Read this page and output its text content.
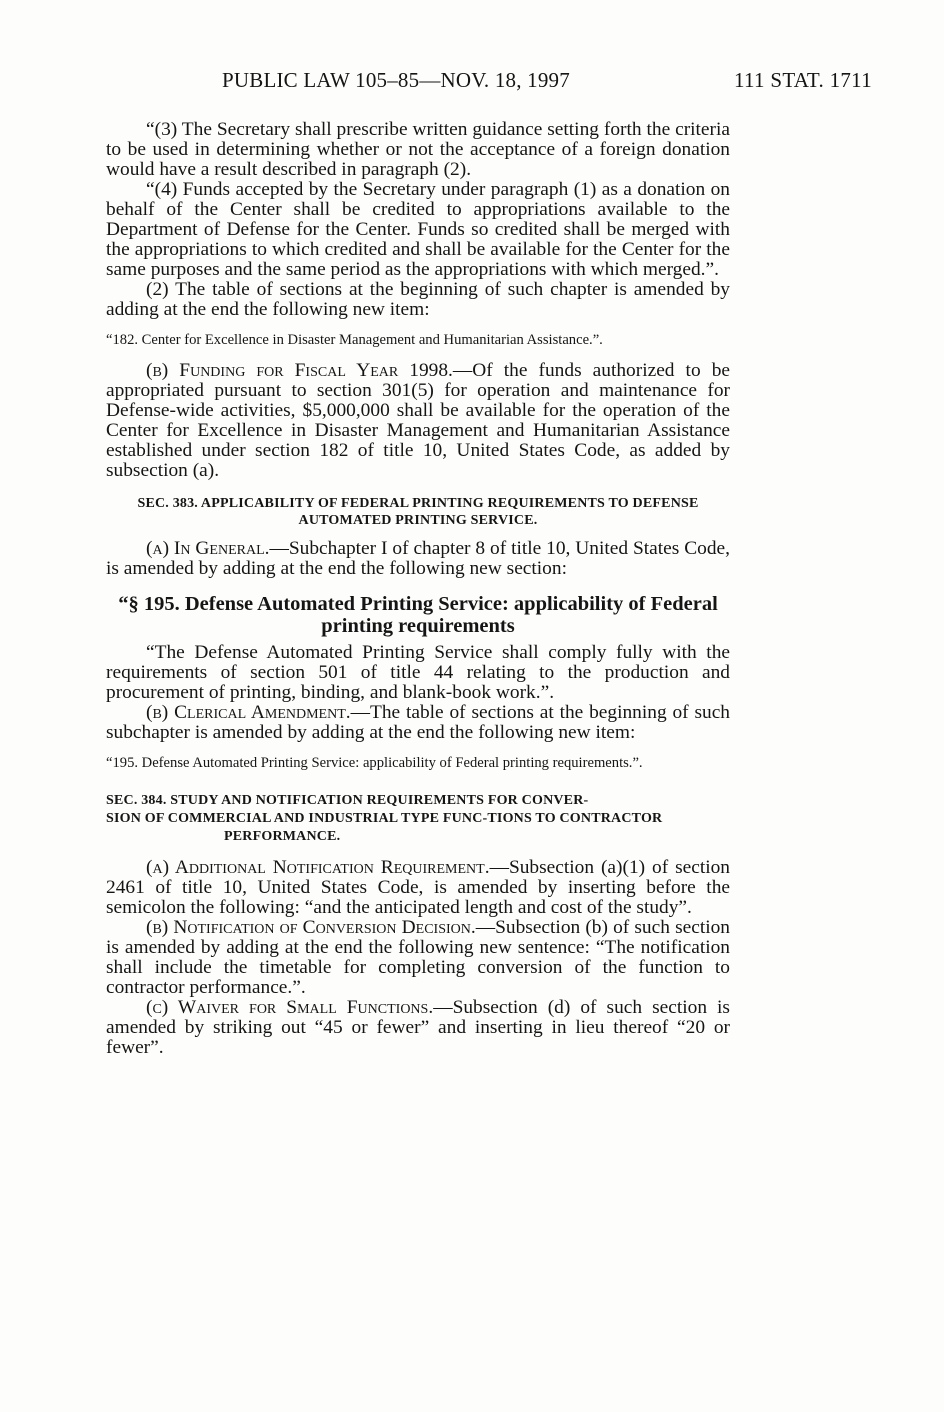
PUBLIC LAW 105–85—NOV. 18, 1997	111 STAT. 1711

“(3) The Secretary shall prescribe written guidance setting forth the criteria to be used in determining whether or not the acceptance of a foreign donation would have a result described in paragraph (2).

“(4) Funds accepted by the Secretary under paragraph (1) as a donation on behalf of the Center shall be credited to appropriations available to the Department of Defense for the Center. Funds so credited shall be merged with the appropriations to which credited and shall be available for the Center for the same purposes and the same period as the appropriations with which merged.”.

(2) The table of sections at the beginning of such chapter is amended by adding at the end the following new item:

“182. Center for Excellence in Disaster Management and Humanitarian Assistance.”.

(b) Funding for Fiscal Year 1998.—Of the funds authorized to be appropriated pursuant to section 301(5) for operation and maintenance for Defense-wide activities, $5,000,000 shall be available for the operation of the Center for Excellence in Disaster Management and Humanitarian Assistance established under section 182 of title 10, United States Code, as added by subsection (a).

SEC. 383. APPLICABILITY OF FEDERAL PRINTING REQUIREMENTS TO DEFENSE AUTOMATED PRINTING SERVICE.

(a) In General.—Subchapter I of chapter 8 of title 10, United States Code, is amended by adding at the end the following new section:

“§ 195. Defense Automated Printing Service: applicability of Federal printing requirements

“The Defense Automated Printing Service shall comply fully with the requirements of section 501 of title 44 relating to the production and procurement of printing, binding, and blank-book work.”.

(b) Clerical Amendment.—The table of sections at the beginning of such subchapter is amended by adding at the end the following new item:

“195. Defense Automated Printing Service: applicability of Federal printing requirements.”.
SEC. 384. STUDY AND NOTIFICATION REQUIREMENTS FOR CONVER-
SION OF COMMERCIAL AND INDUSTRIAL TYPE FUNC-TIONS TO CONTRACTOR PERFORMANCE.

(a) Additional Notification Requirement.—Subsection (a)(1) of section 2461 of title 10, United States Code, is amended by inserting before the semicolon the following: “and the anticipated length and cost of the study”.

(b) Notification of Conversion Decision.—Subsection (b) of such section is amended by adding at the end the following new sentence: “The notification shall include the timetable for completing conversion of the function to contractor performance.”.

(c) Waiver for Small Functions.—Subsection (d) of such section is amended by striking out “45 or fewer” and inserting in lieu thereof “20 or fewer”.
